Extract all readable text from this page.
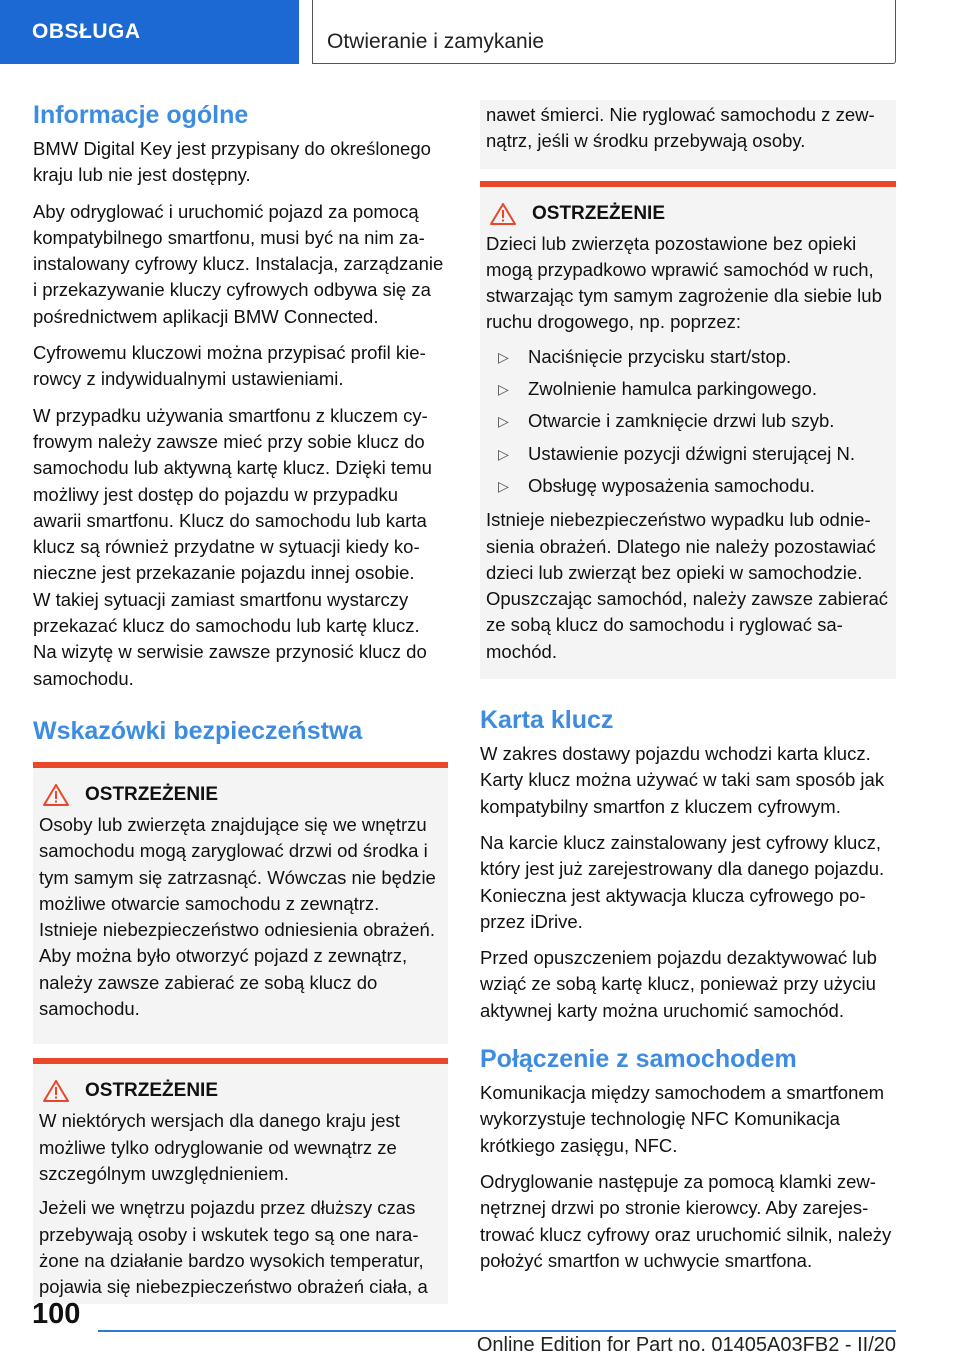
OBSŁUGA	Otwieranie i zamykanie
Informacje ogólne

BMW Digital Key jest przypisany do określonego kraju lub nie jest dostępny.

Aby odryglować i uruchomić pojazd za pomocą kompatybilnego smartfonu, musi być na nim zainstalowany cyfrowy klucz. Instalacja, zarządzanie i przekazywanie kluczy cyfrowych odbywa się za pośrednictwem aplikacji BMW Connected.

Cyfrowemu kluczowi można przypisać profil kierowcy z indywidualnymi ustawieniami.

W przypadku używania smartfonu z kluczem cyfrowym należy zawsze mieć przy sobie klucz do samochodu lub aktywną kartę klucz. Dzięki temu możliwy jest dostęp do pojazdu w przypadku awarii smartfonu. Klucz do samochodu lub karta klucz są również przydatne w sytuacji kiedy konieczne jest przekazanie pojazdu innej osobie.

W takiej sytuacji zamiast smartfonu wystarczy przekazać klucz do samochodu lub kartę klucz. Na wizytę w serwisie zawsze przynosić klucz do samochodu.

Wskazówki bezpieczeństwa
OSTRZEŻENIE

Osoby lub zwierzęta znajdujące się we wnętrzu samochodu mogą zaryglować drzwi od środka i tym samym się zatrzasnąć. Wówczas nie będzie możliwe otwarcie samochodu z zewnątrz. Istnieje niebezpieczeństwo odniesienia obrażeń. Aby można było otworzyć pojazd z zewnątrz, należy zawsze zabierać ze sobą klucz do samochodu.

OSTRZEŻENIE

W niektórych wersjach dla danego kraju jest możliwe tylko odryglowanie od wewnątrz ze szczególnym uwzględnieniem.

Jeżeli we wnętrzu pojazdu przez dłuższy czas przebywają osoby i wskutek tego są one narażone na działanie bardzo wysokich temperatur, pojawia się niebezpieczeństwo obrażeń ciała, a

nawet śmierci. Nie ryglować samochodu z zewnątrz, jeśli w środku przebywają osoby.

OSTRZEŻENIE

Dzieci lub zwierzęta pozostawione bez opieki mogą przypadkowo wprawić samochód w ruch, stwarzając tym samym zagrożenie dla siebie lub ruchu drogowego, np. poprzez:

▷	Naciśnięcie przycisku start/stop.
▷	Zwolnienie hamulca parkingowego.
▷	Otwarcie i zamknięcie drzwi lub szyb.
▷	Ustawienie pozycji dźwigni sterującej N.
▷	Obsługę wyposażenia samochodu.

Istnieje niebezpieczeństwo wypadku lub odniesienia obrażeń. Dlatego nie należy pozostawiać dzieci lub zwierząt bez opieki w samochodzie. Opuszczając samochód, należy zawsze zabierać ze sobą klucz do samochodu i ryglować samochód.

Karta klucz

W zakres dostawy pojazdu wchodzi karta klucz. Karty klucz można używać w taki sam sposób jak kompatybilny smartfon z kluczem cyfrowym.

Na karcie klucz zainstalowany jest cyfrowy klucz, który jest już zarejestrowany dla danego pojazdu. Konieczna jest aktywacja klucza cyfrowego poprzez iDrive.

Przed opuszczeniem pojazdu dezaktywować lub wziąć ze sobą kartę klucz, ponieważ przy użyciu aktywnej karty można uruchomić samochód.

Połączenie z samochodem

Komunikacja między samochodem a smartfonem wykorzystuje technologię NFC Komunikacja krótkiego zasięgu, NFC.

Odryglowanie następuje za pomocą klamki zewnętrznej drzwi po stronie kierowcy. Aby zarejestrować klucz cyfrowy oraz uruchomić silnik, należy położyć smartfon w uchwycie smartfona.

100
Online Edition for Part no. 01405A03FB2 - II/20
